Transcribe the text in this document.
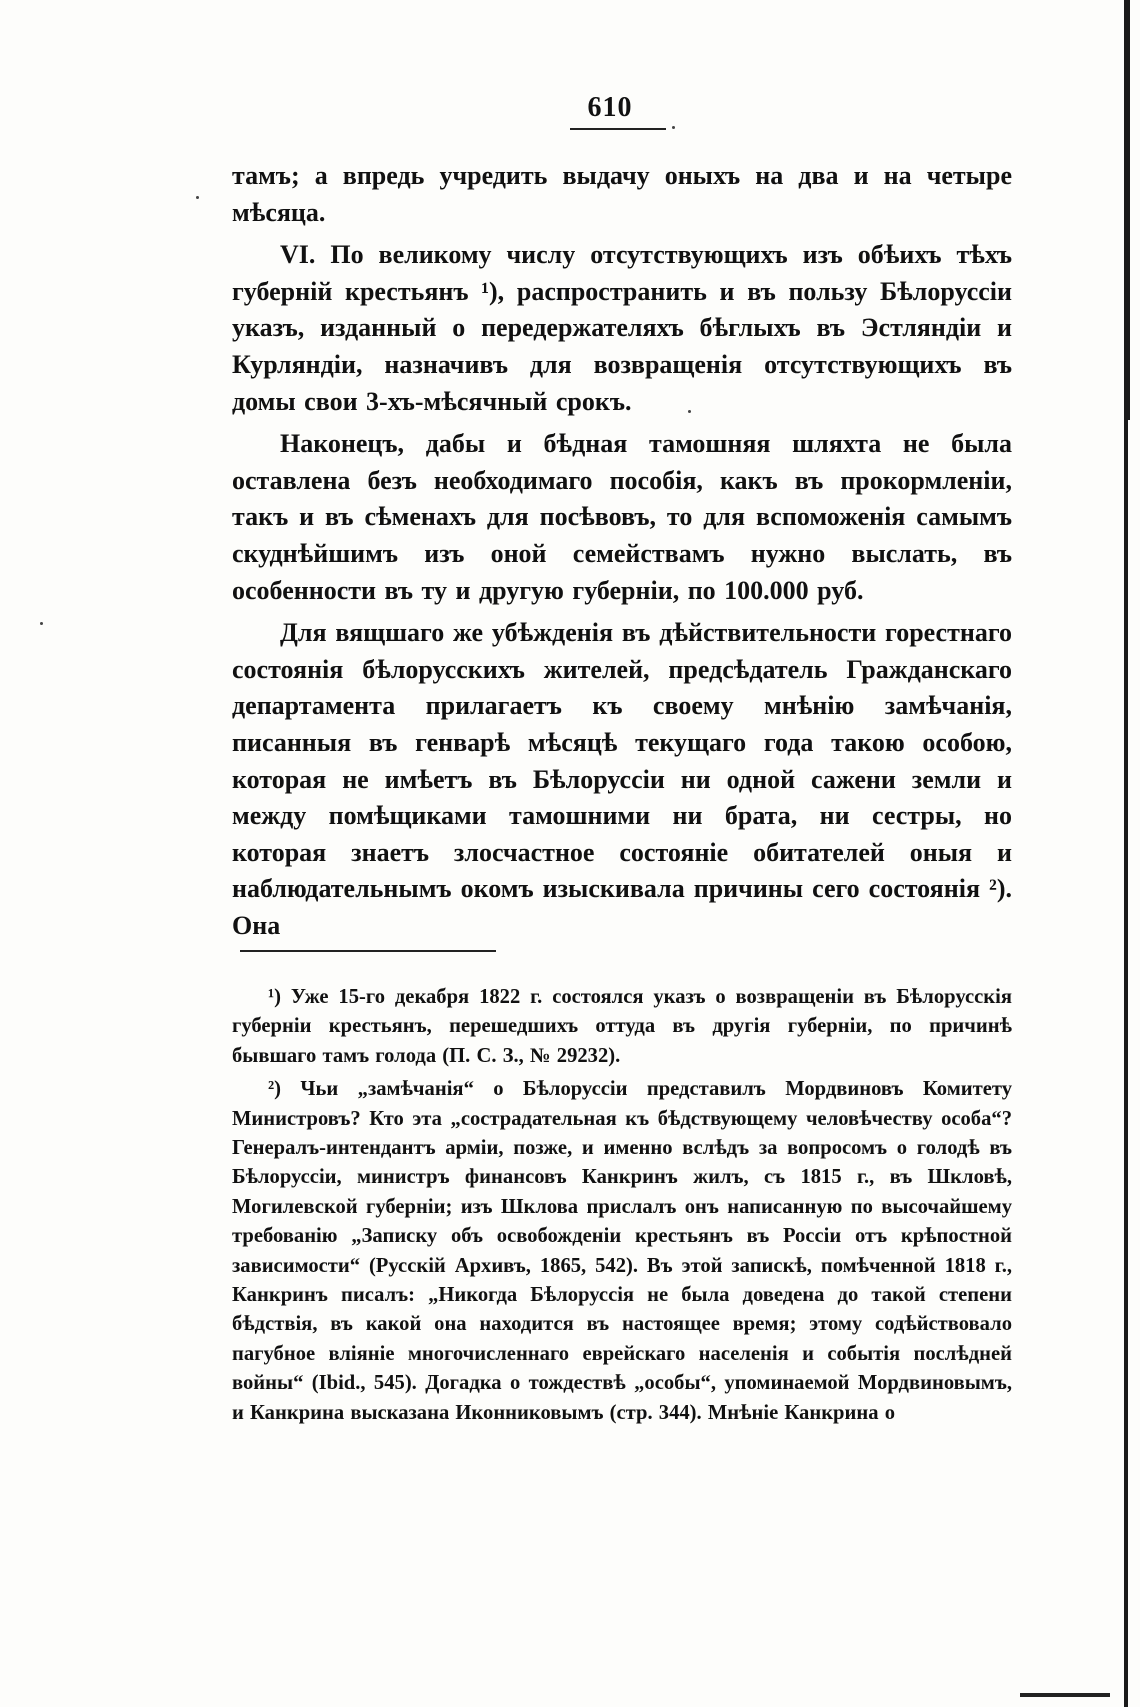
610

тамъ; а впредь учредить выдачу оныхъ на два и на четыре мѣсяца.

VI. По великому числу отсутствующихъ изъ обѣихъ тѣхъ губерній крестьянъ ¹), распространить и въ пользу Бѣлоруссіи указъ, изданный о передержателяхъ бѣглыхъ въ Эстляндіи и Курляндіи, назначивъ для возвращенія отсутствующихъ въ домы свои 3-хъ-мѣсячный срокъ.

Наконецъ, дабы и бѣдная тамошняя шляхта не была оставлена безъ необходимаго пособія, какъ въ прокормленіи, такъ и въ сѣменахъ для посѣвовъ, то для вспоможенія самымъ скуднѣйшимъ изъ оной семействамъ нужно выслать, въ особенности въ ту и другую губерніи, по 100.000 руб.

Для вящшаго же убѣжденія въ дѣйствительности горестнаго состоянія бѣлорусскихъ жителей, предсѣдатель Гражданскаго департамента прилагаетъ къ своему мнѣнію замѣчанія, писанныя въ генварѣ мѣсяцѣ текущаго года такою особою, которая не имѣетъ въ Бѣлоруссіи ни одной сажени земли и между помѣщиками тамошними ни брата, ни сестры, но которая знаетъ злосчастное состояніе обитателей оныя и наблюдательнымъ окомъ изыскивала причины сего состоянія ²). Она

¹) Уже 15-го декабря 1822 г. состоялся указъ о возвращеніи въ Бѣлорусскія губерніи крестьянъ, перешедшихъ оттуда въ другія губерніи, по причинѣ бывшаго тамъ голода (П. С. З., № 29232).

²) Чьи „замѣчанія“ о Бѣлоруссіи представилъ Мордвиновъ Комитету Министровъ? Кто эта „сострадательная къ бѣдствующему человѣчеству особа“? Генералъ-интендантъ арміи, позже, и именно вслѣдъ за вопросомъ о голодѣ въ Бѣлоруссіи, министръ финансовъ Канкринъ жилъ, съ 1815 г., въ Шкловѣ, Могилевской губерніи; изъ Шклова прислалъ онъ написанную по высочайшему требованію „Записку объ освобожденіи крестьянъ въ Россіи отъ крѣпостной зависимости“ (Русскій Архивъ, 1865, 542). Въ этой запискѣ, помѣченной 1818 г., Канкринъ писалъ: „Никогда Бѣлоруссія не была доведена до такой степени бѣдствія, въ какой она находится въ настоящее время; этому содѣйствовало пагубное вліяніе многочисленнаго еврейскаго населенія и событія послѣдней войны“ (Ibid., 545). Догадка о тождествѣ „особы“, упоминаемой Мордвиновымъ, и Канкрина высказана Иконниковымъ (стр. 344). Мнѣніе Канкрина о
